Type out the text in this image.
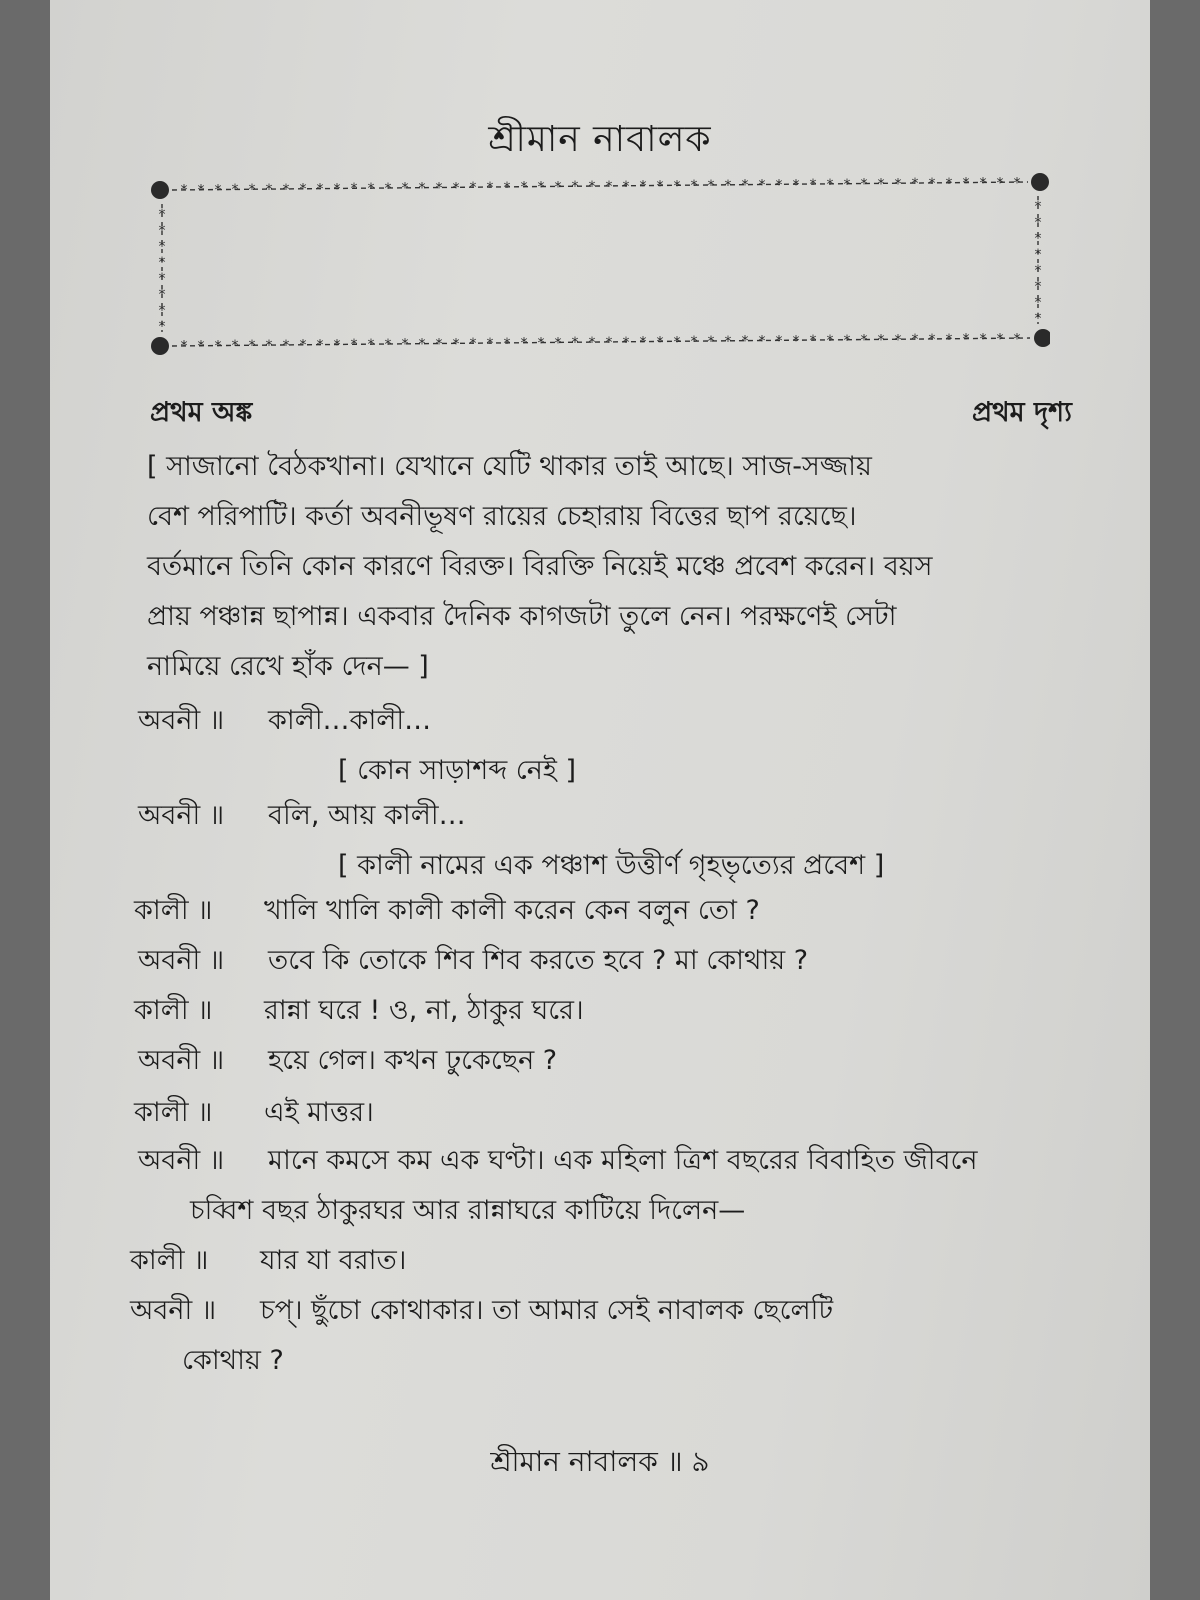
শ্রীমান নাবালক
*
*
*
*
*
*
*
*
*
*
*
*
*
*
*
*
*
*
*
*
*
*
*
*
*
*
*
*
*
*
*
*
*
*
*
*
*
*
*
*
*
*
*
*
*
*
*
*
*
*
*
*
*
*
*
*
*
*
*
*
*
*
*
*
*
*
*
*
*
*
*
*
*
*
*
*
*
*
*
*
*
*
*
*
*
*
*
*
*
*
*
*
*
*
*
*
*
*
*
*
*	*
*	*
*	*
*	*
*	*
*	*
*	*
*	*
প্রথম অঙ্ক	প্রথম দৃশ্য
[ সাজানো বৈঠকখানা। যেখানে যেটি থাকার তাই আছে। সাজ-সজ্জায়
বেশ পরিপাটি। কর্তা অবনীভূষণ রায়ের চেহারায় বিত্তের ছাপ রয়েছে।
বর্তমানে তিনি কোন কারণে বিরক্ত। বিরক্তি নিয়েই মঞ্চে প্রবেশ করেন। বয়স
প্রায় পঞ্চান্ন ছাপান্ন। একবার দৈনিক কাগজটা তুলে নেন। পরক্ষণেই সেটা
নামিয়ে রেখে হাঁক দেন— ]
অবনী ॥	কালী…কালী…
[ কোন সাড়াশব্দ নেই ]
অবনী ॥	বলি, আয় কালী…
[ কালী নামের এক পঞ্চাশ উত্তীর্ণ গৃহভৃত্যের প্রবেশ ]
কালী ॥	খালি খালি কালী কালী করেন কেন বলুন তো ?
অবনী ॥	তবে কি তোকে শিব শিব করতে হবে ? মা কোথায় ?
কালী ॥	রান্না ঘরে ! ও, না, ঠাকুর ঘরে।
অবনী ॥	হয়ে গেল। কখন ঢুকেছেন ?
কালী ॥	এই মাত্তর।
অবনী ॥	মানে কমসে কম এক ঘণ্টা। এক মহিলা ত্রিশ বছরের বিবাহিত জীবনে
চব্বিশ বছর ঠাকুরঘর আর রান্নাঘরে কাটিয়ে দিলেন—
কালী ॥	যার যা বরাত।
অবনী ॥	চপ্। ছুঁচো কোথাকার। তা আমার সেই নাবালক ছেলেটি
কোথায় ?
শ্রীমান নাবালক ॥ ৯
